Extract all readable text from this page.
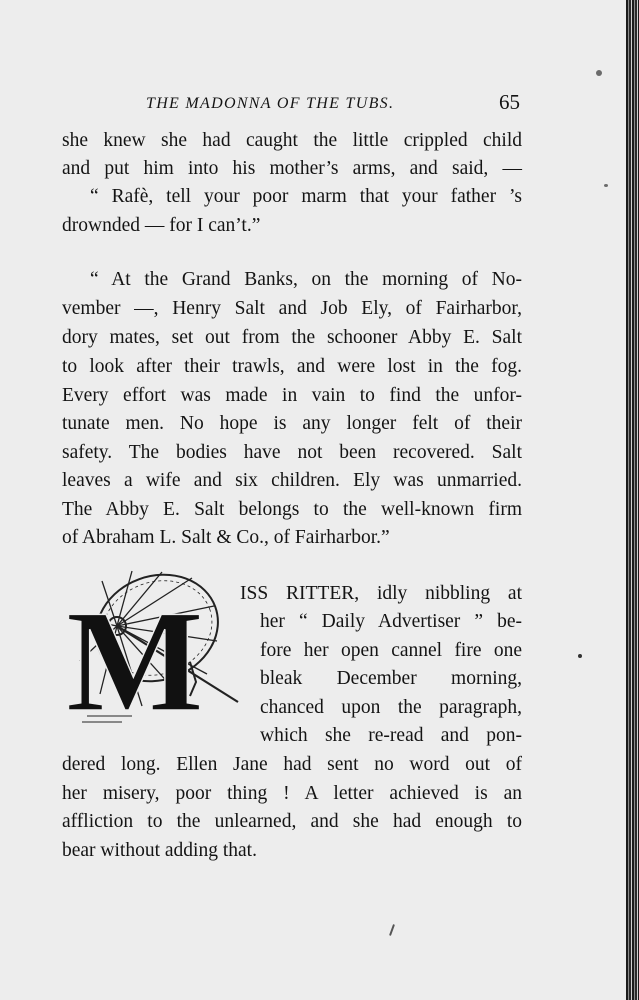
THE MADONNA OF THE TUBS.	65
she knew she had caught the little crippled child
and put him into his mother’s arms, and said, —
“ Rafè, tell your poor marm that your father ’s
drownded — for I can’t.”
“ At the Grand Banks, on the morning of No-
vember —, Henry Salt and Job Ely, of Fairharbor,
dory mates, set out from the schooner Abby E. Salt
to look after their trawls, and were lost in the fog.
Every effort was made in vain to find the unfor-
tunate men. No hope is any longer felt of their
safety. The bodies have not been recovered. Salt
leaves a wife and six children. Ely was unmarried.
The Abby E. Salt belongs to the well-known firm
of Abraham L. Salt & Co., of Fairharbor.”
M ISS RITTER, idly nibbling at
her “ Daily Advertiser ” be-
fore her open cannel fire one
bleak December morning,
chanced upon the paragraph,
which she re-read and pon-
dered long. Ellen Jane had sent no word out of
her misery, poor thing ! A letter achieved is an
affliction to the unlearned, and she had enough to
bear without adding that.
